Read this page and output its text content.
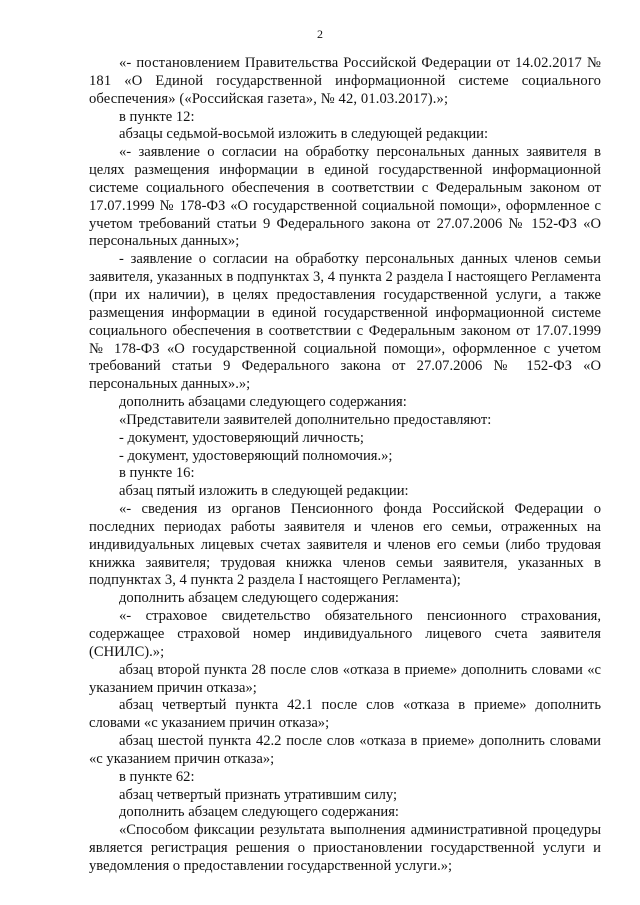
2

«- постановлением Правительства Российской Федерации от 14.02.2017 № 181 «О Единой государственной информационной системе социального обеспечения» («Российская газета», № 42, 01.03.2017).»;

в пункте 12:

абзацы седьмой-восьмой изложить в следующей редакции:

«- заявление о согласии на обработку персональных данных заявителя в целях размещения информации в единой государственной информационной системе социального обеспечения в соответствии с Федеральным законом от 17.07.1999 № 178-ФЗ «О государственной социальной помощи», оформленное с учетом требований статьи 9 Федерального закона от 27.07.2006 № 152-ФЗ «О персональных данных»;

- заявление о согласии на обработку персональных данных членов семьи заявителя, указанных в подпунктах 3, 4 пункта 2 раздела I настоящего Регламента (при их наличии), в целях предоставления государственной услуги, а также размещения информации в единой государственной информационной системе социального обеспечения в соответствии с Федеральным законом от 17.07.1999 № 178-ФЗ «О государственной социальной помощи», оформленное с учетом требований статьи 9 Федерального закона от 27.07.2006 № 152-ФЗ «О персональных данных».»;

дополнить абзацами следующего содержания:

«Представители заявителей дополнительно предоставляют:

- документ, удостоверяющий личность;

- документ, удостоверяющий полномочия.»;

в пункте 16:

абзац пятый изложить в следующей редакции:

«- сведения из органов Пенсионного фонда Российской Федерации о последних периодах работы заявителя и членов его семьи, отраженных на индивидуальных лицевых счетах заявителя и членов его семьи (либо трудовая книжка заявителя; трудовая книжка членов семьи заявителя, указанных в подпунктах 3, 4 пункта 2 раздела I настоящего Регламента);

дополнить абзацем следующего содержания:

«- страховое свидетельство обязательного пенсионного страхования, содержащее страховой номер индивидуального лицевого счета заявителя (СНИЛС).»;

абзац второй пункта 28 после слов «отказа в приеме» дополнить словами «с указанием причин отказа»;

абзац четвертый пункта 42.1 после слов «отказа в приеме» дополнить словами «с указанием причин отказа»;

абзац шестой пункта 42.2 после слов «отказа в приеме» дополнить словами «с указанием причин отказа»;

в пункте 62:

абзац четвертый признать утратившим силу;

дополнить абзацем следующего содержания:

«Способом фиксации результата выполнения административной процедуры является регистрация решения о приостановлении государственной услуги и уведомления о предоставлении государственной услуги.»;
